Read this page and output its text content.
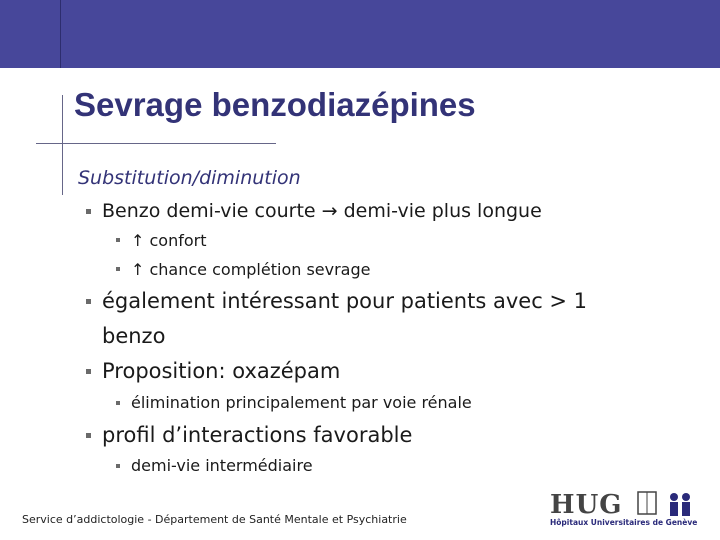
Sevrage benzodiazépines
Substitution/diminution
Benzo demi-vie courte → demi-vie plus longue
↑ confort
↑ chance complétion sevrage
également intéressant pour patients avec > 1
benzo
Proposition: oxazépam
élimination principalement par voie rénale
profil d’interactions favorable
demi-vie intermédiaire
Service d’addictologie - Département de Santé Mentale et Psychiatrie	HUG
Hôpitaux Universitaires de Genève
